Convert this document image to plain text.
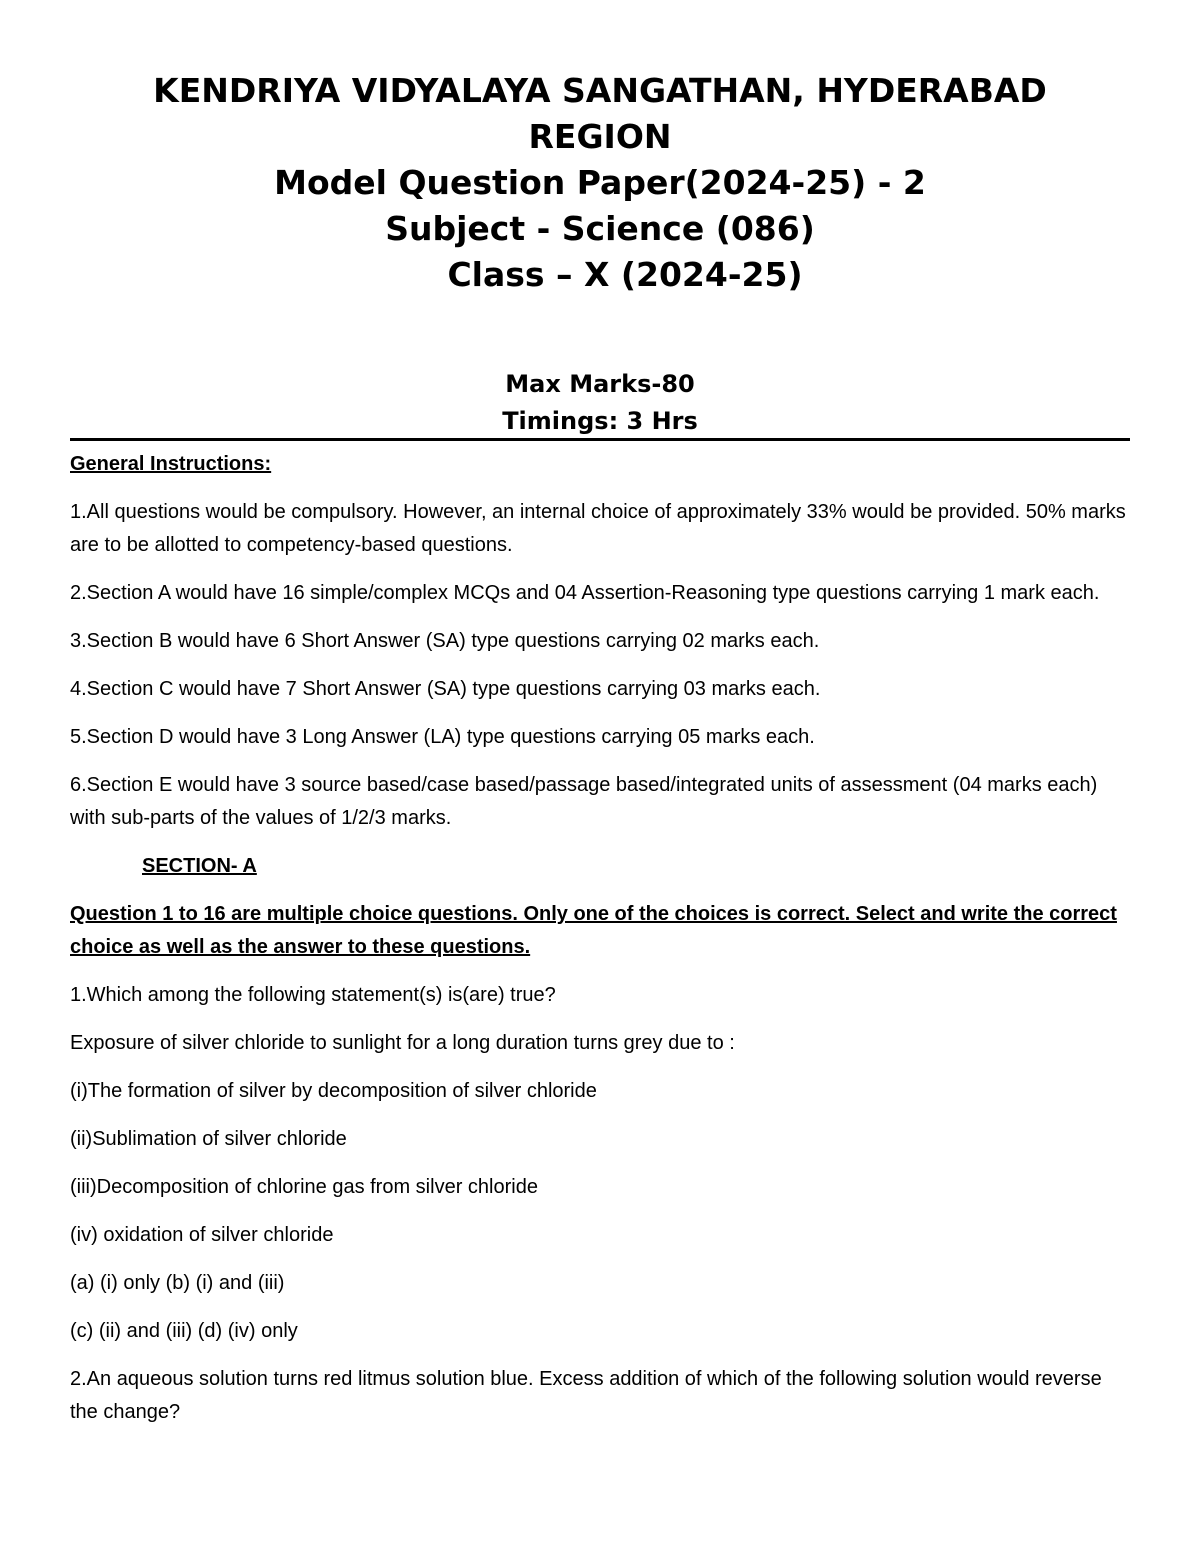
KENDRIYA VIDYALAYA SANGATHAN, HYDERABAD
REGION
Model Question Paper(2024-25) - 2
Subject - Science (086)
Class – X (2024-25)
Max Marks-80
Timings: 3 Hrs

General Instructions:

1.All questions would be compulsory. However, an internal choice of approximately 33% would be provided. 50% marks are to be allotted to competency-based questions.

2.Section A would have 16 simple/complex MCQs and 04 Assertion-Reasoning type questions carrying 1 mark each.

3.Section B would have 6 Short Answer (SA) type questions carrying 02 marks each.

4.Section C would have 7 Short Answer (SA) type questions carrying 03 marks each.

5.Section D would have 3 Long Answer (LA) type questions carrying 05 marks each.

6.Section E would have 3 source based/case based/passage based/integrated units of assessment (04 marks each) with sub-parts of the values of 1/2/3 marks.

SECTION- A

Question 1 to 16 are multiple choice questions. Only one of the choices is correct. Select and write the correct choice as well as the answer to these questions.

1.Which among the following statement(s) is(are) true?

Exposure of silver chloride to sunlight for a long duration turns grey due to :

(i)The formation of silver by decomposition of silver chloride

(ii)Sublimation of silver chloride

(iii)Decomposition of chlorine gas from silver chloride

(iv) oxidation of silver chloride

(a) (i) only (b) (i) and (iii)

(c) (ii) and (iii) (d) (iv) only

2.An aqueous solution turns red litmus solution blue. Excess addition of which of the following solution would reverse the change?
